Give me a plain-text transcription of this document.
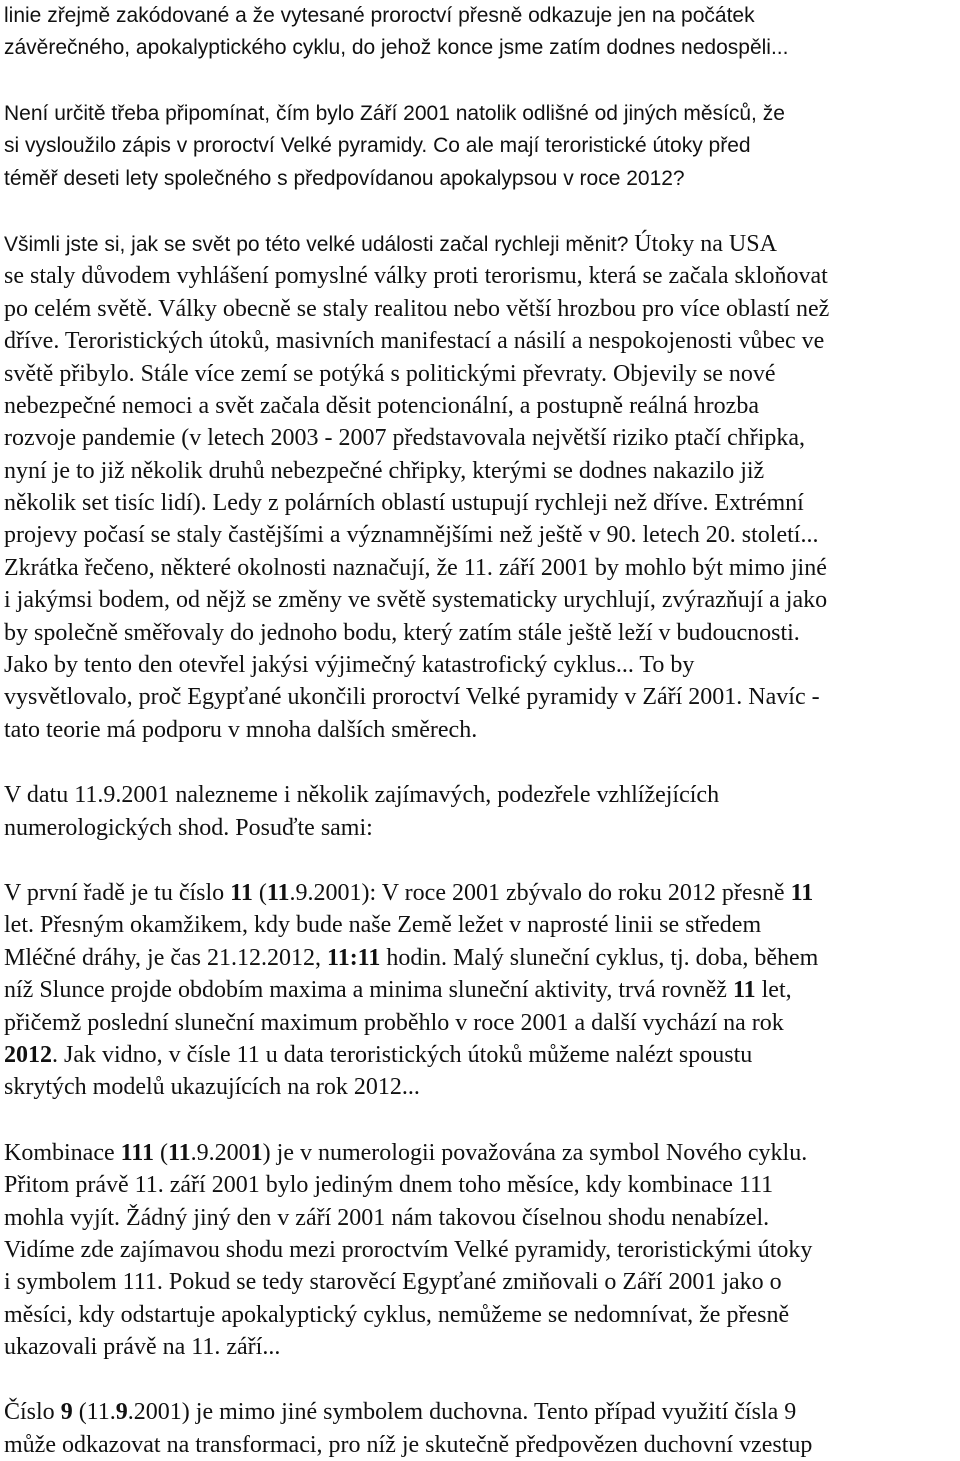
linie zřejmě zakódované a že vytesané proroctví přesně odkazuje jen na počátek
závěrečného, apokalyptického cyklu, do jehož konce jsme zatím dodnes nedospěli...
Není určitě třeba připomínat, čím bylo Září 2001 natolik odlišné od jiných měsíců, že
si vysloužilo zápis v proroctví Velké pyramidy. Co ale mají teroristické útoky před
téměř deseti lety společného s předpovídanou apokalypsou v roce 2012?
Všimli jste si, jak se svět po této velké události začal rychleji měnit? Útoky na USA
se staly důvodem vyhlášení pomyslné války proti terorismu, která se začala skloňovat
po celém světě. Války obecně se staly realitou nebo větší hrozbou pro více oblastí než
dříve. Teroristických útoků, masivních manifestací a násilí a nespokojenosti vůbec ve
světě přibylo. Stále více zemí se potýká s politickými převraty. Objevily se nové
nebezpečné nemoci a svět začala děsit potencionální, a postupně reálná hrozba
rozvoje pandemie (v letech 2003 - 2007 představovala největší riziko ptačí chřipka,
nyní je to již několik druhů nebezpečné chřipky, kterými se dodnes nakazilo již
několik set tisíc lidí). Ledy z polárních oblastí ustupují rychleji než dříve. Extrémní
projevy počasí se staly častějšími a významnějšími než ještě v 90. letech 20. století...
Zkrátka řečeno, některé okolnosti naznačují, že 11. září 2001 by mohlo být mimo jiné
i jakýmsi bodem, od nějž se změny ve světě systematicky urychlují, zvýrazňují a jako
by společně směřovaly do jednoho bodu, který zatím stále ještě leží v budoucnosti.
Jako by tento den otevřel jakýsi výjimečný katastrofický cyklus... To by
vysvětlovalo, proč Egypťané ukončili proroctví Velké pyramidy v Září 2001. Navíc -
tato teorie má podporu v mnoha dalších směrech.
V datu 11.9.2001 nalezneme i několik zajímavých, podezřele vzhlížejících
numerologických shod. Posuďte sami:
V první řadě je tu číslo 11 (11.9.2001): V roce 2001 zbývalo do roku 2012 přesně 11
let. Přesným okamžikem, kdy bude naše Země ležet v naprosté linii se středem
Mléčné dráhy, je čas 21.12.2012, 11:11 hodin. Malý sluneční cyklus, tj. doba, během
níž Slunce projde obdobím maxima a minima sluneční aktivity, trvá rovněž 11 let,
přičemž poslední sluneční maximum proběhlo v roce 2001 a další vychází na rok
2012. Jak vidno, v čísle 11 u data teroristických útoků můžeme nalézt spoustu
skrytých modelů ukazujících na rok 2012...
Kombinace 111 (11.9.2001) je v numerologii považována za symbol Nového cyklu.
Přitom právě 11. září 2001 bylo jediným dnem toho měsíce, kdy kombinace 111
mohla vyjít. Žádný jiný den v září 2001 nám takovou číselnou shodu nenabízel.
Vidíme zde zajímavou shodu mezi proroctvím Velké pyramidy, teroristickými útoky
i symbolem 111. Pokud se tedy starověcí Egypťané zmiňovali o Září 2001 jako o
měsíci, kdy odstartuje apokalyptický cyklus, nemůžeme se nedomnívat, že přesně
ukazovali právě na 11. září...
Číslo 9 (11.9.2001) je mimo jiné symbolem duchovna. Tento případ využití čísla 9
může odkazovat na transformaci, pro níž je skutečně předpovězen duchovní vzestup
